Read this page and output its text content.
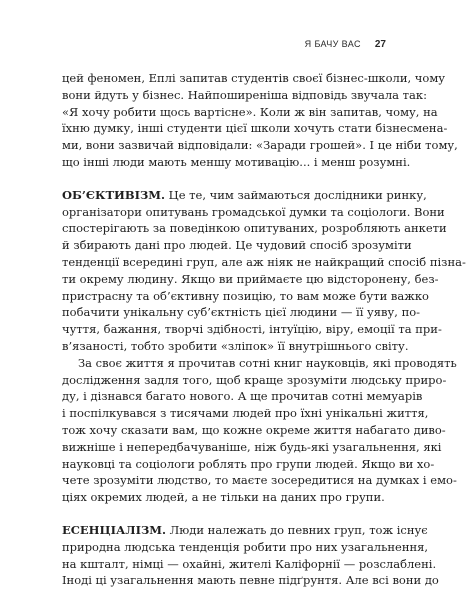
Я БАЧУ ВАС 27
цей феномен, Еплі запитав студентів своєї бізнес-школи, чому
вони йдуть у бізнес. Найпоширеніша відповідь звучала так:
«Я хочу робити щось вартісне». Коли ж він запитав, чому, на
їхню думку, інші студенти цієї школи хочуть стати бізнесмена-
ми, вони зазвичай відповідали: «Заради грошей». І це ніби тому,
що інші люди мають меншу мотивацію... і менш розумні.
ОБ’ЄКТИВІЗМ. Це те, чим займаються дослідники ринку,
організатори опитувань громадської думки та соціологи. Вони
спостерігають за поведінкою опитуваних, розробляють анкети
й збирають дані про людей. Це чудовий спосіб зрозуміти
тенденції всередині груп, але аж ніяк не найкращий спосіб пізна-
ти окрему людину. Якщо ви приймаєте цю відсторонену, без-
пристрасну та об’єктивну позицію, то вам може бути важко
побачити унікальну суб’єктність цієї людини — її уяву, по-
чуття, бажання, творчі здібності, інтуїцію, віру, емоції та при-
в’язаності, тобто зробити «зліпок» її внутрішнього світу.
За своє життя я прочитав сотні книг науковців, які проводять
дослідження задля того, щоб краще зрозуміти людську приро-
ду, і дізнався багато нового. А ще прочитав сотні мемуарів
і поспілкувався з тисячами людей про їхні унікальні життя,
тож хочу сказати вам, що кожне окреме життя набагато диво-
вижніше і непередбачуваніше, ніж будь-які узагальнення, які
науковці та соціологи роблять про групи людей. Якщо ви хо-
чете зрозуміти людство, то маєте зосередитися на думках і емо-
ціях окремих людей, а не тільки на даних про групи.
ЕСЕНЦІАЛІЗМ. Люди належать до певних груп, тож існує
природна людська тенденція робити про них узагальнення,
на кшталт, німці — охайні, жителі Каліфорнії — розслаблені.
Іноді ці узагальнення мають певне підґрунтя. Але всі вони до
